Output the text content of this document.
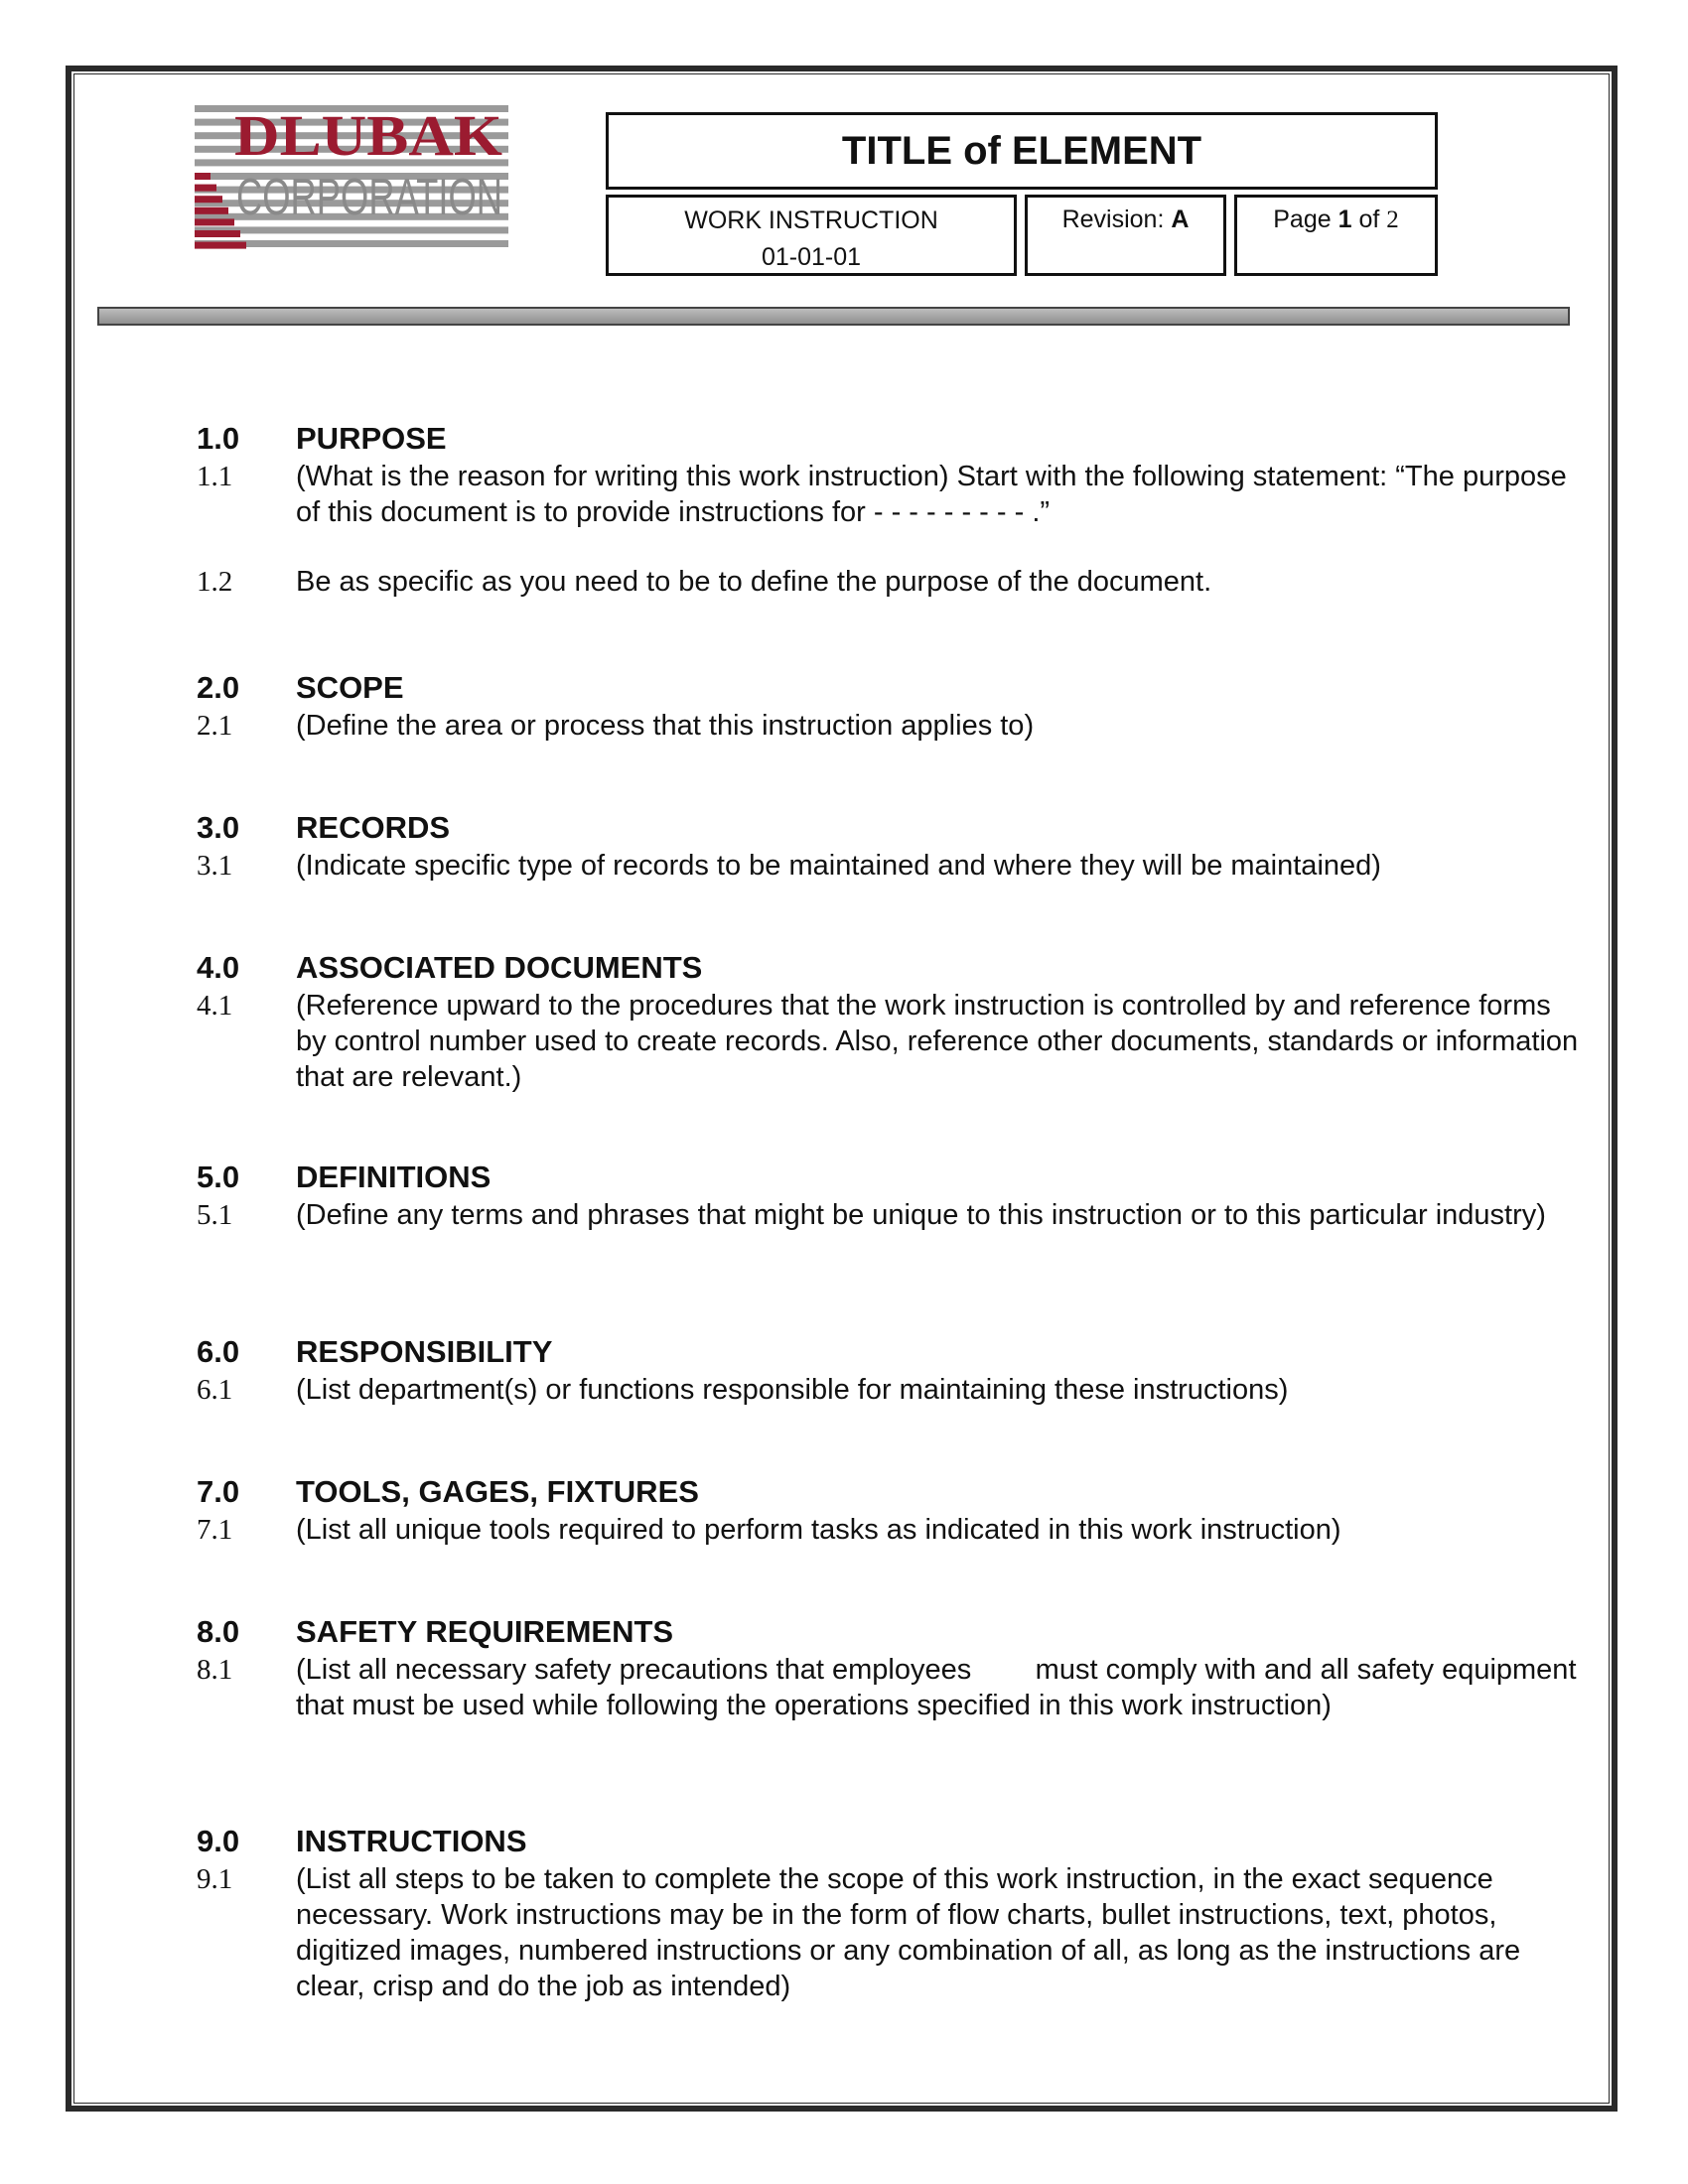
DLUBAK
CORPORATION
TITLE of ELEMENT
WORK INSTRUCTION
01-01-01
Revision: A	Page 1 of 2
1.0	PURPOSE
1.1	(What is the reason for writing this work instruction) Start with the following statement: “The purpose of this document is to provide instructions for - - - - - - - - - .”
1.2	Be as specific as you need to be to define the purpose of the document.
2.0	SCOPE
2.1	(Define the area or process that this instruction applies to)
3.0	RECORDS
3.1	(Indicate specific type of records to be maintained and where they will be maintained)
4.0	ASSOCIATED DOCUMENTS
4.1	(Reference upward to the procedures that the work instruction is controlled by and reference forms by control number used to create records. Also, reference other documents, standards or information that are relevant.)
5.0	DEFINITIONS
5.1	(Define any terms and phrases that might be unique to this instruction or to this particular industry)
6.0	RESPONSIBILITY
6.1	(List department(s) or functions responsible for maintaining these instructions)
7.0	TOOLS, GAGES, FIXTURES
7.1	(List all unique tools required to perform tasks as indicated in this work instruction)
8.0	SAFETY REQUIREMENTS
8.1	(List all necessary safety precautions that employees        must comply with and all safety equipment that must be used while following the operations specified in this work instruction)
9.0	INSTRUCTIONS
9.1	(List all steps to be taken to complete the scope of this work instruction, in the exact sequence necessary. Work instructions may be in the form of flow charts, bullet instructions, text, photos, digitized images, numbered instructions or any combination of all, as long as the instructions are clear, crisp and do the job as intended)
